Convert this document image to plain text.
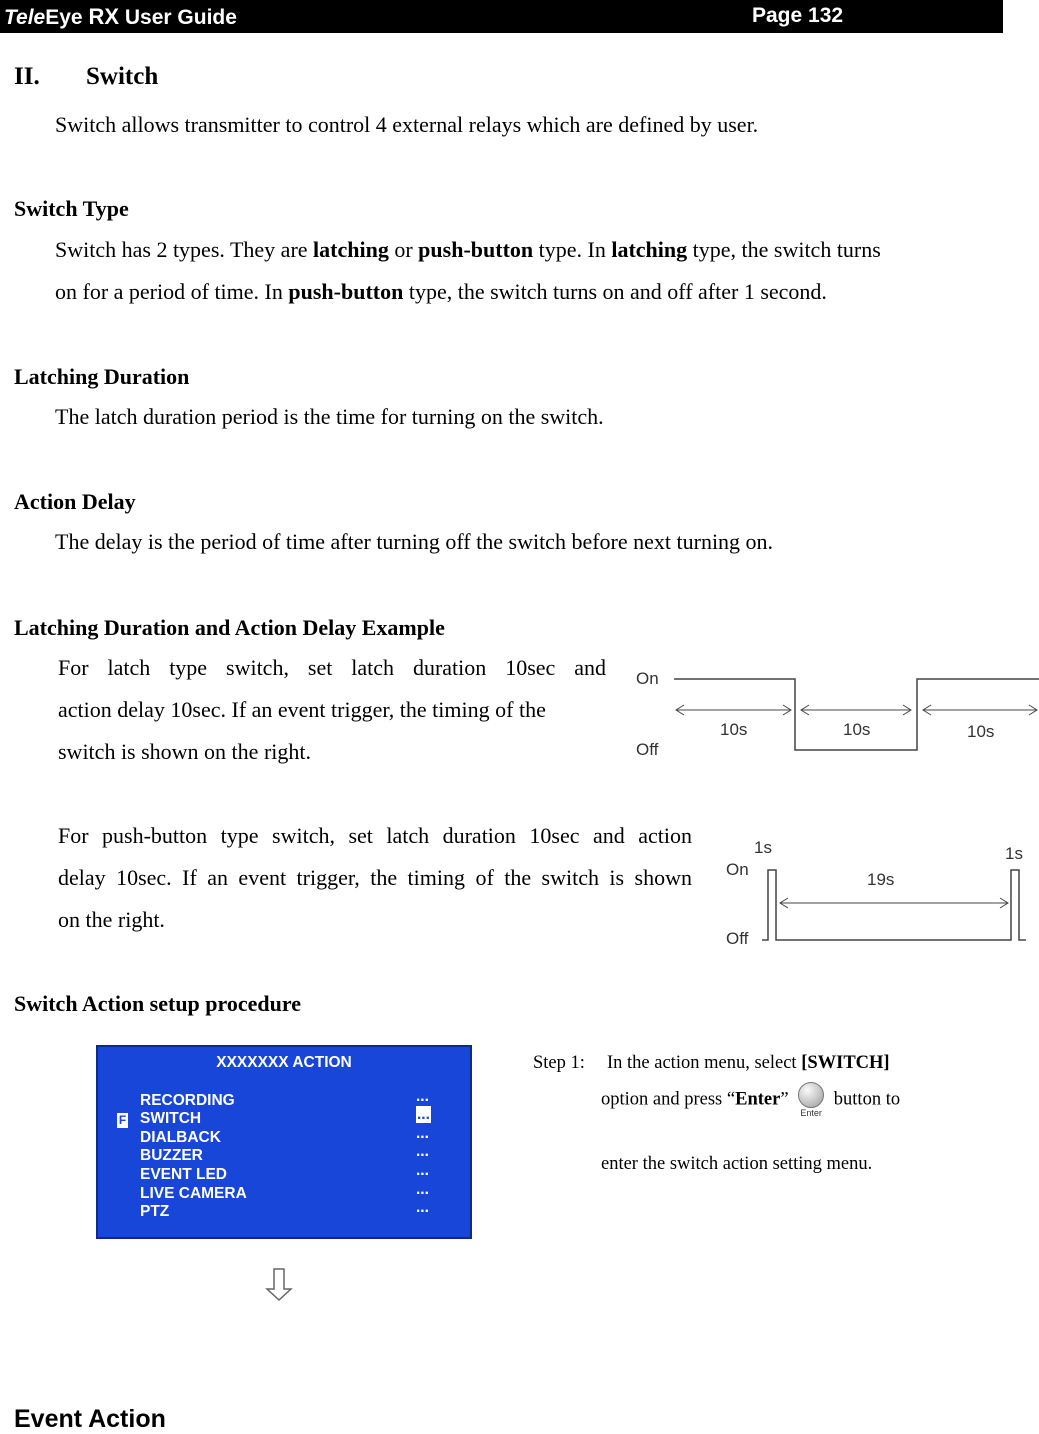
TeleEye RX User Guide	Page 132
II. Switch
Switch allows transmitter to control 4 external relays which are defined by user.
Switch Type
Switch has 2 types. They are latching or push-button type. In latching type, the switch turns
on for a period of time. In push-button type, the switch turns on and off after 1 second.
Latching Duration
The latch duration period is the time for turning on the switch.
Action Delay
The delay is the period of time after turning off the switch before next turning on.
Latching Duration and Action Delay Example
For latch type switch, set latch duration 10sec and
action delay 10sec. If an event trigger, the timing of the
switch is shown on the right.
On
Off
10s	10s	10s
For push-button type switch, set latch duration 10sec and action
delay 10sec. If an event trigger, the timing of the switch is shown
on the right.
1s	1s
On
Off
19s
Switch Action setup procedure
XXXXXXX ACTION
F
RECORDING
SWITCH
DIALBACK
BUZZER
EVENT LED
LIVE CAMERA
PTZ
...
...
...
...
...
...
...
Step 1: In the action menu, select [SWITCH]
option and press “Enter”
Enter
button to
enter the switch action setting menu.
Event Action
